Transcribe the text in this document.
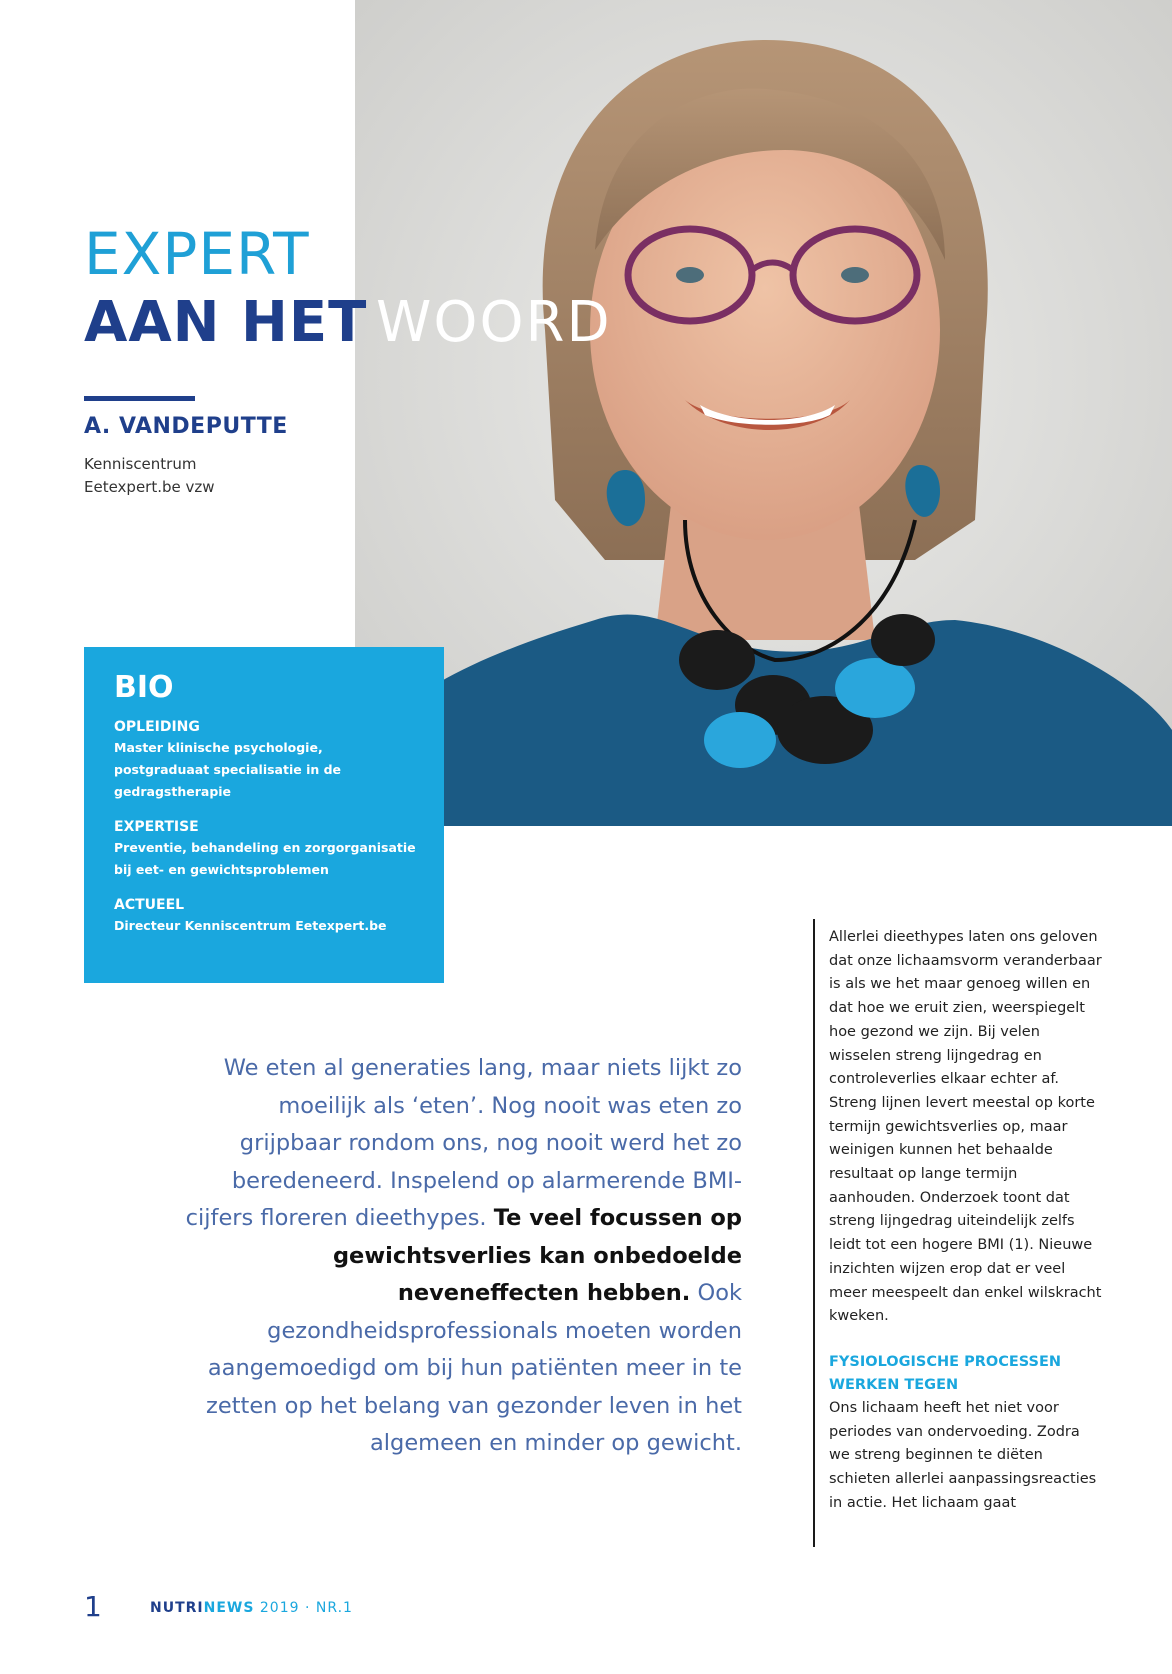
EXPERT
AAN HET WOORD
A. VANDEPUTTE
Kenniscentrum
Eetexpert.be vzw
BIO

OPLEIDING

Master klinische psychologie, postgraduaat specialisatie in de gedragstherapie

EXPERTISE

Preventie, behandeling en zorgorganisatie bij eet- en gewichtsproblemen

ACTUEEL

Directeur Kenniscentrum Eetexpert.be

We eten al generaties lang, maar niets lijkt zo moeilijk als ‘eten’. Nog nooit was eten zo grijpbaar rondom ons, nog nooit werd het zo beredeneerd. Inspelend op alarmerende BMI-cijfers floreren dieethypes. Te veel focussen op gewichtsverlies kan onbedoelde neveneffecten hebben. Ook gezondheidsprofessionals moeten worden aangemoedigd om bij hun patiënten meer in te zetten op het belang van gezonder leven in het algemeen en minder op gewicht.

Allerlei dieethypes laten ons geloven dat onze lichaamsvorm veranderbaar is als we het maar genoeg willen en dat hoe we eruit zien, weerspiegelt hoe gezond we zijn. Bij velen wisselen streng lijngedrag en controleverlies elkaar echter af. Streng lijnen levert meestal op korte termijn gewichtsverlies op, maar weinigen kunnen het behaalde resultaat op lange termijn aanhouden. Onderzoek toont dat streng lijngedrag uiteindelijk zelfs leidt tot een hogere BMI (1). Nieuwe inzichten wijzen erop dat er veel meer meespeelt dan enkel wilskracht kweken.

FYSIOLOGISCHE PROCESSEN WERKEN TEGEN

Ons lichaam heeft het niet voor periodes van ondervoeding. Zodra we streng beginnen te diëten schieten allerlei aanpassingsreacties in actie. Het lichaam gaat

1	NUTRINEWS 2019 · NR.1
